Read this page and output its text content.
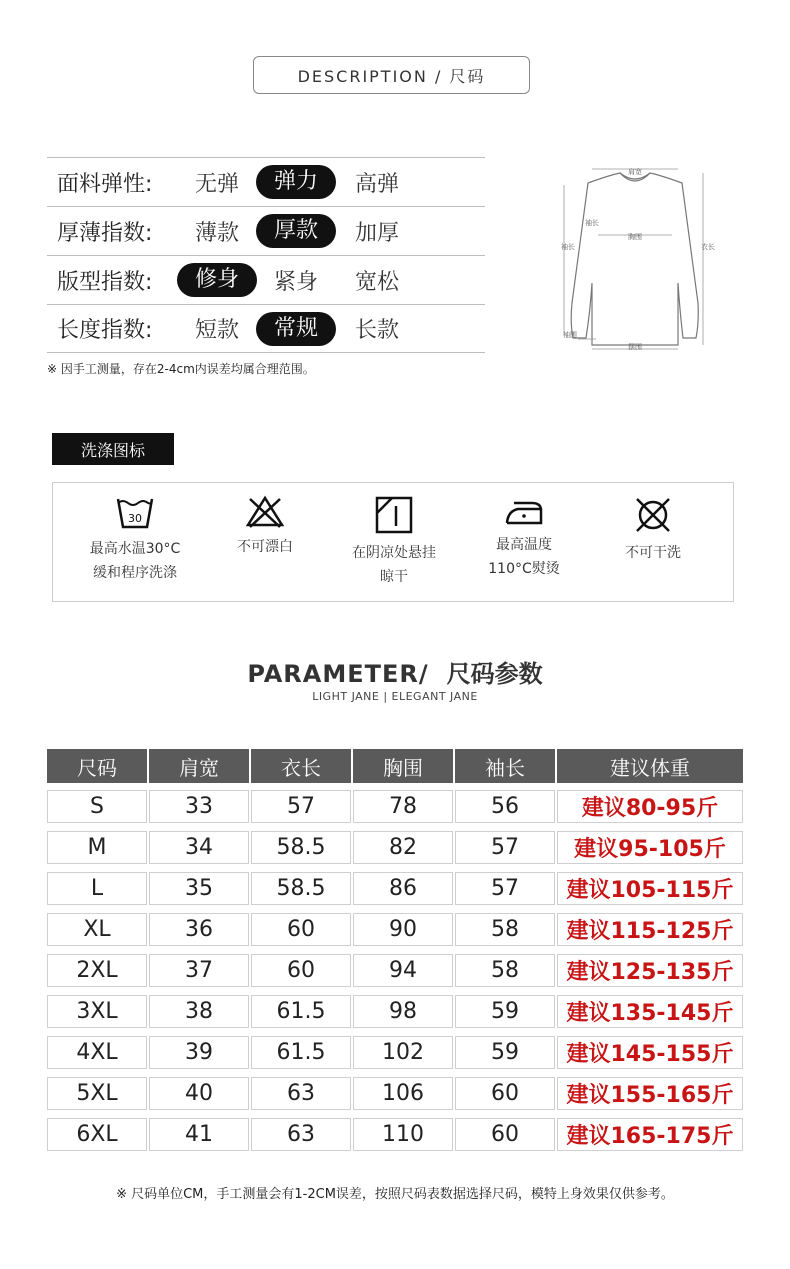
DESCRIPTION / 尺码
面料弹性:	无弹	弹力	高弹
厚薄指数:	薄款	厚款	加厚
版型指数:	修身	紧身	宽松
长度指数:	短款	常规	长款
※ 因手工测量，存在2-4cm内误差均属合理范围。
肩宽
袖长
胸围
衣长
袖长
袖围
摆围
洗涤图标
30
最高水温30°C
缓和程序洗涤
不可漂白	在阴凉处悬挂
晾干
最高温度
110°C熨烫
不可干洗
PARAMETER/ 尺码参数
LIGHT JANE | ELEGANT JANE
尺码	肩宽	衣长	胸围	袖长	建议体重
S	33	57	78	56	建议80-95斤
M	34	58.5	82	57	建议95-105斤
L	35	58.5	86	57	建议105-115斤
XL	36	60	90	58	建议115-125斤
2XL	37	60	94	58	建议125-135斤
3XL	38	61.5	98	59	建议135-145斤
4XL	39	61.5	102	59	建议145-155斤
5XL	40	63	106	60	建议155-165斤
6XL	41	63	110	60	建议165-175斤
※ 尺码单位CM，手工测量会有1-2CM误差，按照尺码表数据选择尺码，模特上身效果仅供参考。
